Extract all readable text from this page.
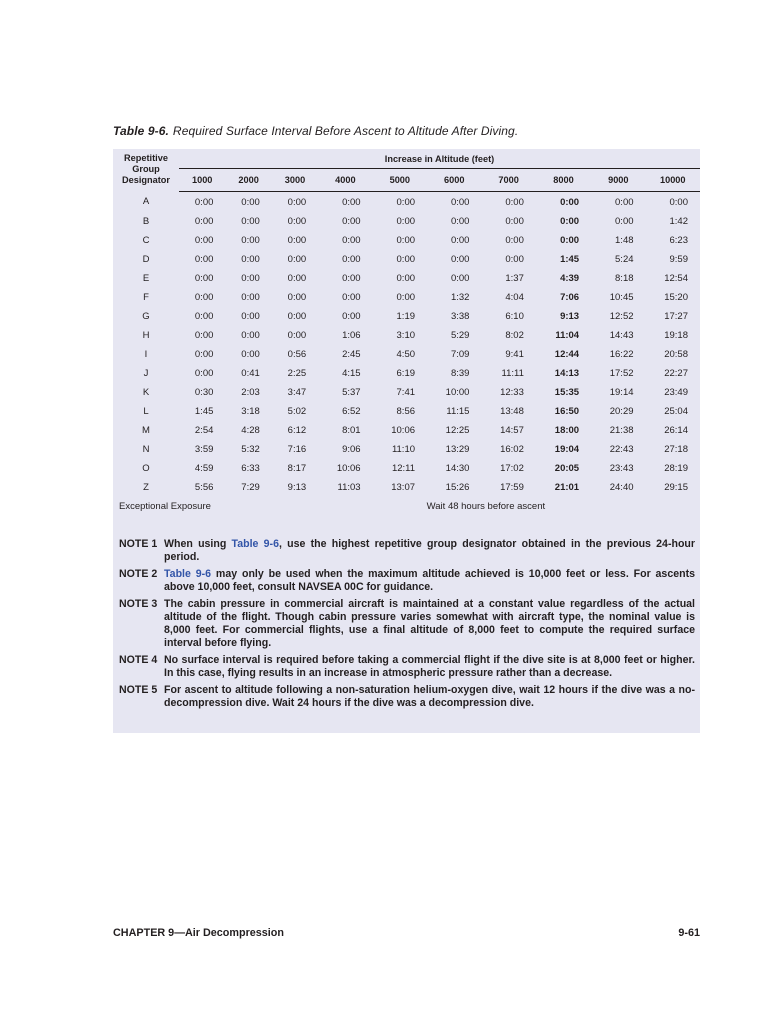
Table 9-6. Required Surface Interval Before Ascent to Altitude After Diving.
Repetitive
Group
Designator	Increase in Altitude (feet)									
	1000	2000	3000	4000	5000	6000	7000	8000	9000	10000
A	0:00	0:00	0:00	0:00	0:00	0:00	0:00	0:00	0:00	0:00
B	0:00	0:00	0:00	0:00	0:00	0:00	0:00	0:00	0:00	1:42
C	0:00	0:00	0:00	0:00	0:00	0:00	0:00	0:00	1:48	6:23
D	0:00	0:00	0:00	0:00	0:00	0:00	0:00	1:45	5:24	9:59
E	0:00	0:00	0:00	0:00	0:00	0:00	1:37	4:39	8:18	12:54
F	0:00	0:00	0:00	0:00	0:00	1:32	4:04	7:06	10:45	15:20
G	0:00	0:00	0:00	0:00	1:19	3:38	6:10	9:13	12:52	17:27
H	0:00	0:00	0:00	1:06	3:10	5:29	8:02	11:04	14:43	19:18
I	0:00	0:00	0:56	2:45	4:50	7:09	9:41	12:44	16:22	20:58
J	0:00	0:41	2:25	4:15	6:19	8:39	11:11	14:13	17:52	22:27
K	0:30	2:03	3:47	5:37	7:41	10:00	12:33	15:35	19:14	23:49
L	1:45	3:18	5:02	6:52	8:56	11:15	13:48	16:50	20:29	25:04
M	2:54	4:28	6:12	8:01	10:06	12:25	14:57	18:00	21:38	26:14
N	3:59	5:32	7:16	9:06	11:10	13:29	16:02	19:04	22:43	27:18
O	4:59	6:33	8:17	10:06	12:11	14:30	17:02	20:05	23:43	28:19
Z	5:56	7:29	9:13	11:03	13:07	15:26	17:59	21:01	24:40	29:15
Exceptional Exposure			Wait 48 hours before ascent							
NOTE 1 When using Table 9-6, use the highest repetitive group designator obtained in the previous 24-hour period.
NOTE 2 Table 9-6 may only be used when the maximum altitude achieved is 10,000 feet or less. For ascents above 10,000 feet, consult NAVSEA 00C for guidance.
NOTE 3 The cabin pressure in commercial aircraft is maintained at a constant value regardless of the actual altitude of the flight. Though cabin pressure varies somewhat with aircraft type, the nominal value is 8,000 feet. For commercial flights, use a final altitude of 8,000 feet to compute the required surface interval before flying.
NOTE 4 No surface interval is required before taking a commercial flight if the dive site is at 8,000 feet or higher. In this case, flying results in an increase in atmospheric pressure rather than a decrease.
NOTE 5 For ascent to altitude following a non-saturation helium-oxygen dive, wait 12 hours if the dive was a no-decompression dive. Wait 24 hours if the dive was a decompression dive.
CHAPTER 9—Air Decompression	9-61
